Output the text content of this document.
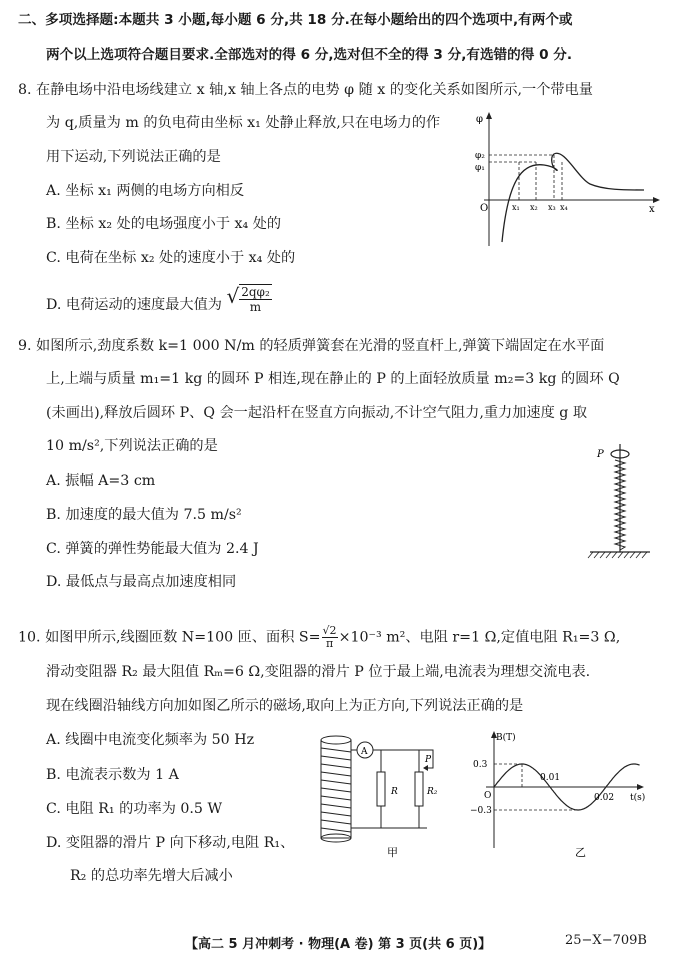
二、多项选择题:本题共 3 小题,每小题 6 分,共 18 分.在每小题给出的四个选项中,有两个或
两个以上选项符合题目要求.全部选对的得 6 分,选对但不全的得 3 分,有选错的得 0 分.
8. 在静电场中沿电场线建立 x 轴,x 轴上各点的电势 φ 随 x 的变化关系如图所示,一个带电量
为 q,质量为 m 的负电荷由坐标 x₁ 处静止释放,只在电场力的作
用下运动,下列说法正确的是
A. 坐标 x₁ 两侧的电场方向相反
B. 坐标 x₂ 处的电场强度小于 x₄ 处的
C. 电荷在坐标 x₂ 处的速度小于 x₄ 处的
D. 电荷运动的速度最大值为 √ $\frac{\text{2qφ₂}}{m}$
φ
O	x
φ₂
φ₁
x₁ x₂ x₃ x₄
9. 如图所示,劲度系数 k=1 000 N/m 的轻质弹簧套在光滑的竖直杆上,弹簧下端固定在水平面
上,上端与质量 m₁=1 kg 的圆环 P 相连,现在静止的 P 的上面轻放质量 m₂=3 kg 的圆环 Q
(未画出),释放后圆环 P、Q 会一起沿杆在竖直方向振动,不计空气阻力,重力加速度 g 取
10 m/s²,下列说法正确的是
A. 振幅 A=3 cm
B. 加速度的最大值为 7.5 m/s²
C. 弹簧的弹性势能最大值为 2.4 J
D. 最低点与最高点加速度相同
P
10. 如图甲所示,线圈匝数 N=100 匝、面积 $S= \frac{√2}{\pi} \times 10^{-3}$ m²、电阻 r=1 Ω,定值电阻 R₁=3 Ω,
滑动变阻器 R₂ 最大阻值 Rₘ=6 Ω,变阻器的滑片 P 位于最上端,电流表为理想交流电表.
现在线圈沿轴线方向加如图乙所示的磁场,取向上为正方向,下列说法正确的是
A. 线圈中电流变化频率为 50 Hz
B. 电流表示数为 1 A
C. 电阻 R₁ 的功率为 0.5 W
D. 变阻器的滑片 P 向下移动,电阻 R₁、
R₂ 的总功率先增大后减小
A
R	R₂
P
甲
B(T)
t(s)
0.3
−0.3
O
0.01
0.02
乙
【高二 5 月冲刺考 · 物理(A 卷) 第 3 页(共 6 页)】	25−X−709B
